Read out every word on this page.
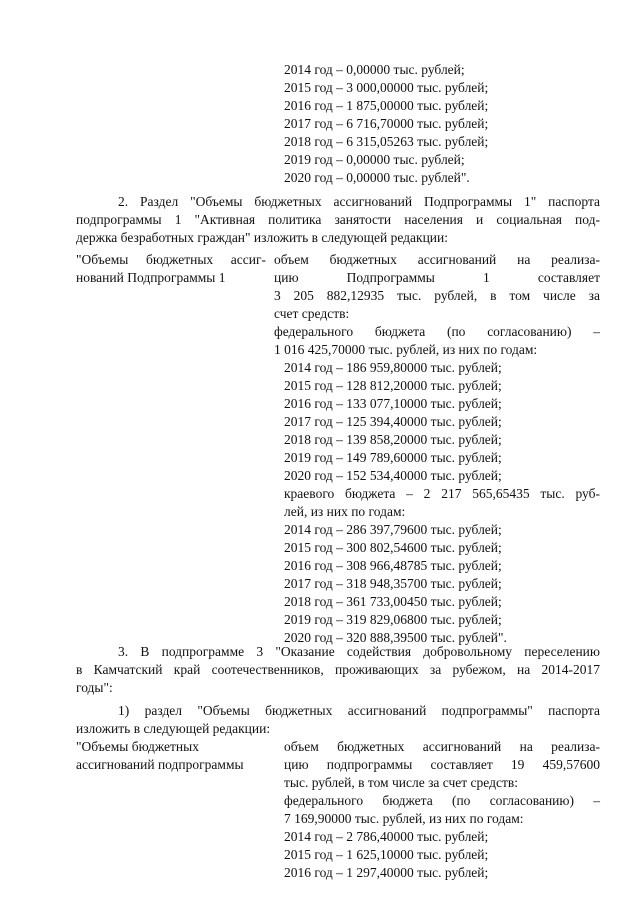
2014 год – 0,00000 тыс. рублей;
2015 год – 3 000,00000 тыс. рублей;
2016 год – 1 875,00000 тыс. рублей;
2017 год – 6 716,70000 тыс. рублей;
2018 год – 6 315,05263 тыс. рублей;
2019 год – 0,00000 тыс. рублей;
2020 год – 0,00000 тыс. рублей".
2. Раздел "Объемы бюджетных ассигнований Подпрограммы 1" паспорта
подпрограммы 1 "Активная политика занятости населения и социальная под-
держка безработных граждан" изложить в следующей редакции:
"Объемы бюджетных ассиг-
нований Подпрограммы 1
объем бюджетных ассигнований на реализа-
цию Подпрограммы 1 составляет
3 205 882,12935 тыс. рублей, в том числе за
счет средств:
федерального бюджета (по согласованию) –
1 016 425,70000 тыс. рублей, из них по годам:
2014 год – 186 959,80000 тыс. рублей;
2015 год – 128 812,20000 тыс. рублей;
2016 год – 133 077,10000 тыс. рублей;
2017 год – 125 394,40000 тыс. рублей;
2018 год – 139 858,20000 тыс. рублей;
2019 год – 149 789,60000 тыс. рублей;
2020 год – 152 534,40000 тыс. рублей;
краевого бюджета – 2 217 565,65435 тыс. руб-
лей, из них по годам:
2014 год – 286 397,79600 тыс. рублей;
2015 год – 300 802,54600 тыс. рублей;
2016 год – 308 966,48785 тыс. рублей;
2017 год – 318 948,35700 тыс. рублей;
2018 год – 361 733,00450 тыс. рублей;
2019 год – 319 829,06800 тыс. рублей;
2020 год – 320 888,39500 тыс. рублей".
3. В подпрограмме 3 "Оказание содействия добровольному переселению
в Камчатский край соотечественников, проживающих за рубежом, на 2014-2017
годы":
1) раздел "Объемы бюджетных ассигнований подпрограммы" паспорта
изложить в следующей редакции:
"Объемы бюджетных
ассигнований подпрограммы
объем бюджетных ассигнований на реализа-
цию подпрограммы составляет 19 459,57600
тыс. рублей, в том числе за счет средств:
федерального бюджета (по согласованию) –
7 169,90000 тыс. рублей, из них по годам:
2014 год – 2 786,40000 тыс. рублей;
2015 год – 1 625,10000 тыс. рублей;
2016 год – 1 297,40000 тыс. рублей;
